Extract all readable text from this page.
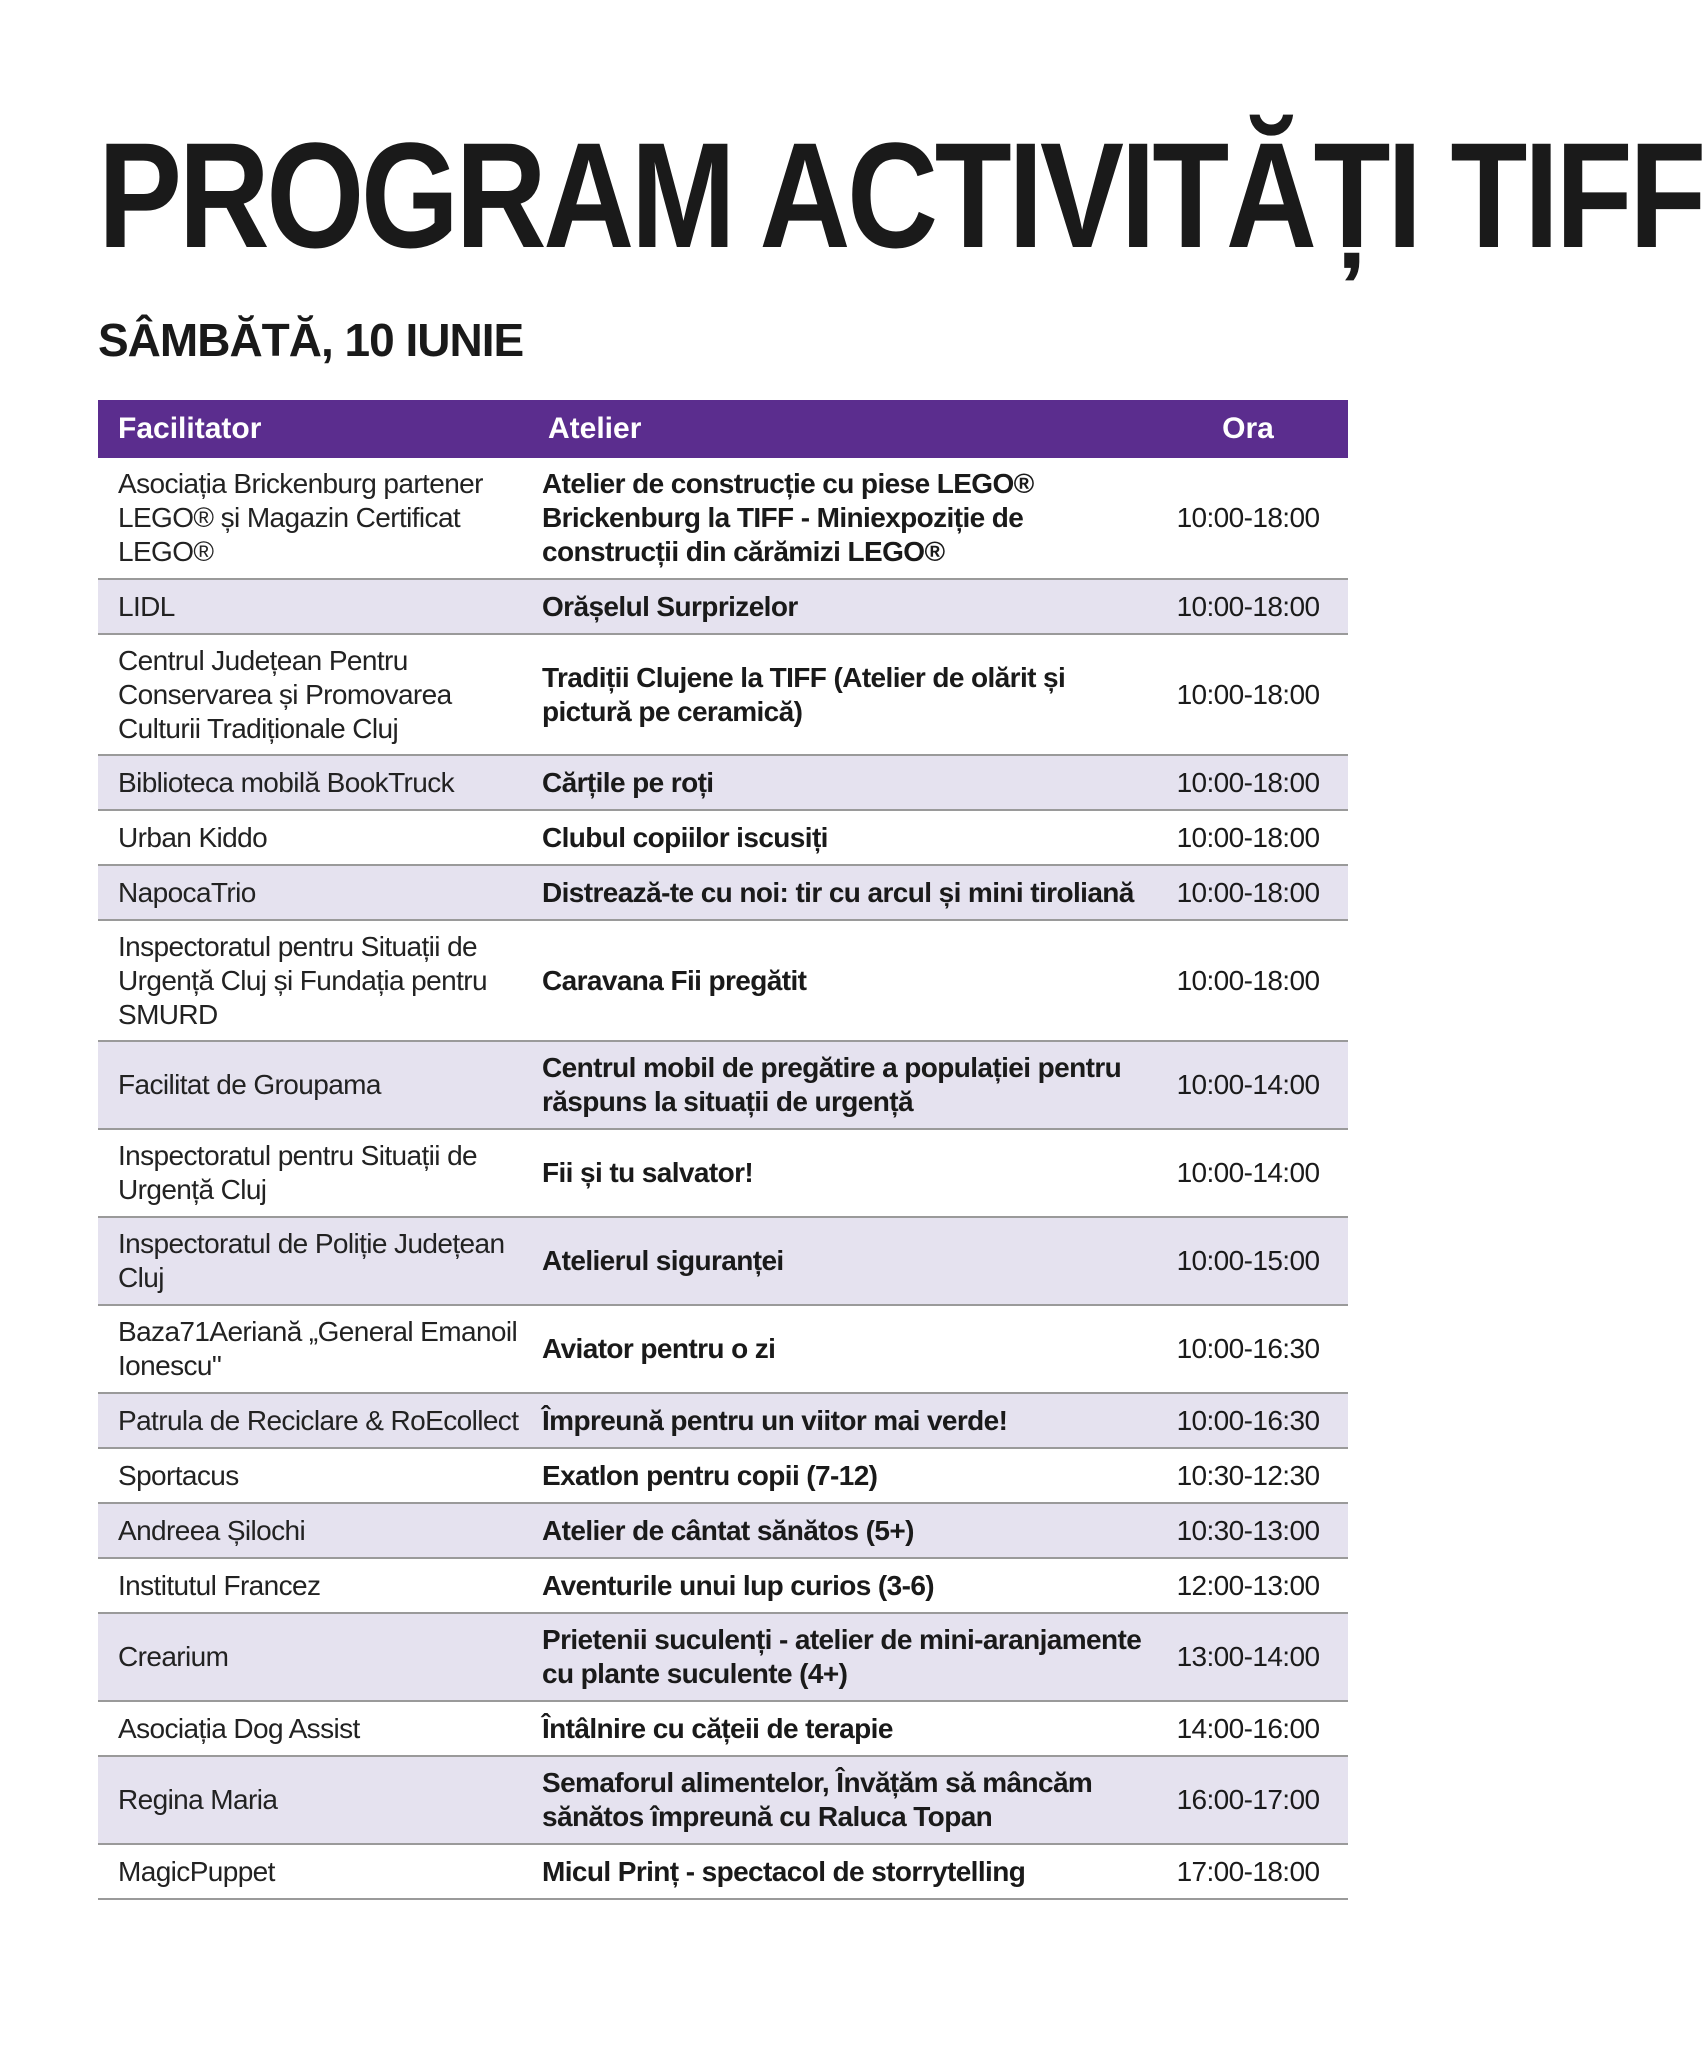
PROGRAM ACTIVITĂȚI TIFF
SÂMBĂTĂ, 10 IUNIE
Facilitator	Atelier	Ora
Asociația Brickenburg partener LEGO® și Magazin Certificat LEGO®	Atelier de construcție cu piese LEGO® Brickenburg la TIFF - Miniexpoziție de construcții din cărămizi LEGO®	10:00-18:00
LIDL	Orășelul Surprizelor	10:00-18:00
Centrul Județean Pentru Conservarea și Promovarea Culturii Tradiționale Cluj	Tradiții Clujene la TIFF (Atelier de olărit și pictură pe ceramică)	10:00-18:00
Biblioteca mobilă BookTruck	Cărțile pe roți	10:00-18:00
Urban Kiddo	Clubul copiilor iscusiți	10:00-18:00
NapocaTrio	Distrează-te cu noi: tir cu arcul și mini tiroliană	10:00-18:00
Inspectoratul pentru Situații de Urgență Cluj și Fundația pentru SMURD	Caravana Fii pregătit	10:00-18:00
Facilitat de Groupama	Centrul mobil de pregătire a populației pentru răspuns la situații de urgență	10:00-14:00
Inspectoratul pentru Situații de Urgență Cluj	Fii și tu salvator!	10:00-14:00
Inspectoratul de Poliție Județean Cluj	Atelierul siguranței	10:00-15:00
Baza71Aeriană „General Emanoil Ionescu"	Aviator pentru o zi	10:00-16:30
Patrula de Reciclare & RoEcollect	Împreună pentru un viitor mai verde!	10:00-16:30
Sportacus	Exatlon pentru copii (7-12)	10:30-12:30
Andreea Șilochi	Atelier de cântat sănătos (5+)	10:30-13:00
Institutul Francez	Aventurile unui lup curios (3-6)	12:00-13:00
Crearium	Prietenii suculenți - atelier de mini-aranjamente cu plante suculente (4+)	13:00-14:00
Asociația Dog Assist	Întâlnire cu cățeii de terapie	14:00-16:00
Regina Maria	Semaforul alimentelor, Învățăm să mâncăm sănătos împreună cu Raluca Topan	16:00-17:00
MagicPuppet	Micul Prinț - spectacol de storrytelling	17:00-18:00
